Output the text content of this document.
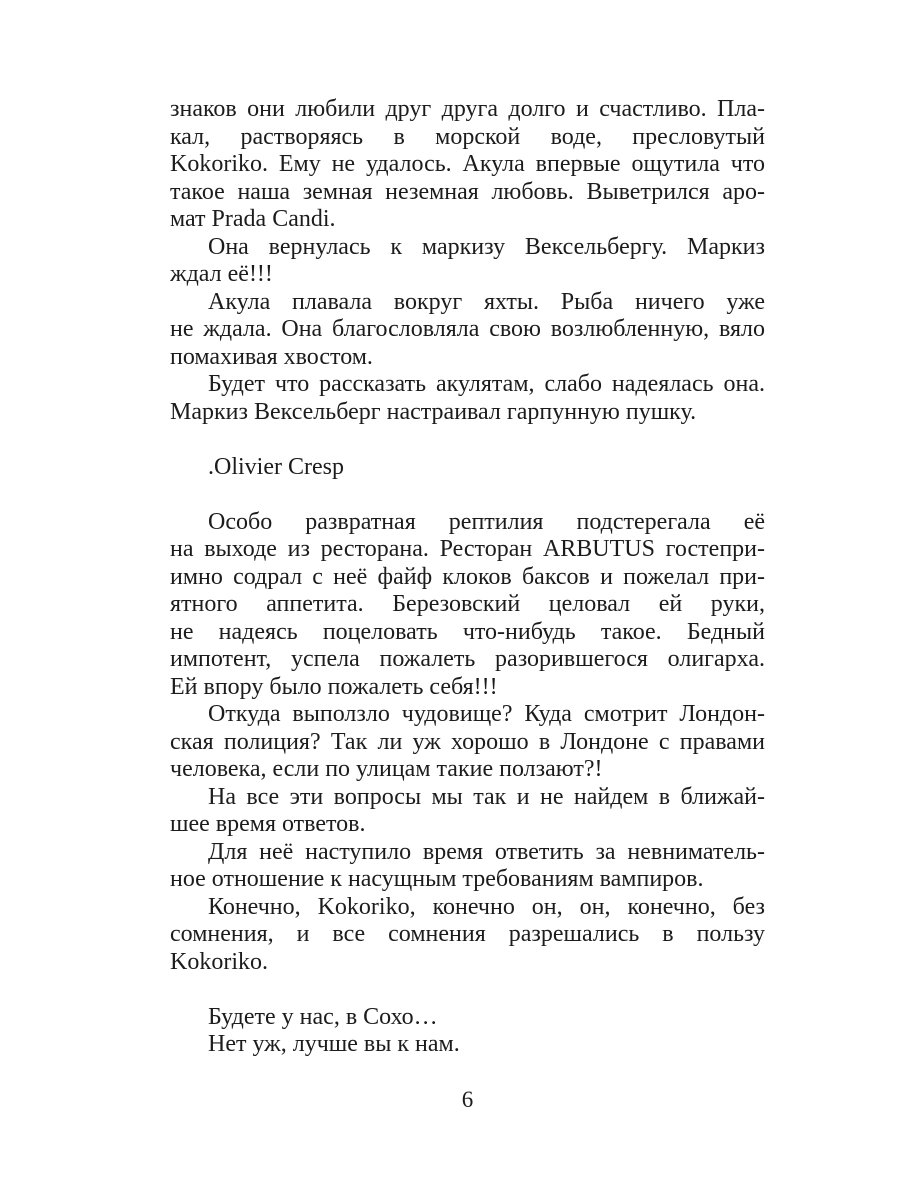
знаков они любили друг друга долго и счастливо. Пла-
кал, растворяясь в морской воде, пресловутый
Kokoriko. Ему не удалось. Акула впервые ощутила что
такое наша земная неземная любовь. Выветрился аро-
мат Prada Candi.
Она вернулась к маркизу Вексельбергу. Маркиз
ждал её!!!
Акула плавала вокруг яхты. Рыба ничего уже
не ждала. Она благословляла свою возлюбленную, вяло
помахивая хвостом.
Будет что рассказать акулятам, слабо надеялась она.
Маркиз Вексельберг настраивал гарпунную пушку.
.Olivier Cresp
Особо развратная рептилия подстерегала её
на выходе из ресторана. Ресторан ARBUTUS гостепри-
имно содрал с неё файф клоков баксов и пожелал при-
ятного аппетита. Березовский целовал ей руки,
не надеясь поцеловать что-нибудь такое. Бедный
импотент, успела пожалеть разорившегося олигарха.
Ей впору было пожалеть себя!!!
Откуда выползло чудовище? Куда смотрит Лондон-
ская полиция? Так ли уж хорошо в Лондоне с правами
человека, если по улицам такие ползают?!
На все эти вопросы мы так и не найдем в ближай-
шее время ответов.
Для неё наступило время ответить за невниматель-
ное отношение к насущным требованиям вампиров.
Конечно, Kokoriko, конечно он, он, конечно, без
сомнения, и все сомнения разрешались в пользу
Kokoriko.
Будете у нас, в Сохо…
Нет уж, лучше вы к нам.
6
